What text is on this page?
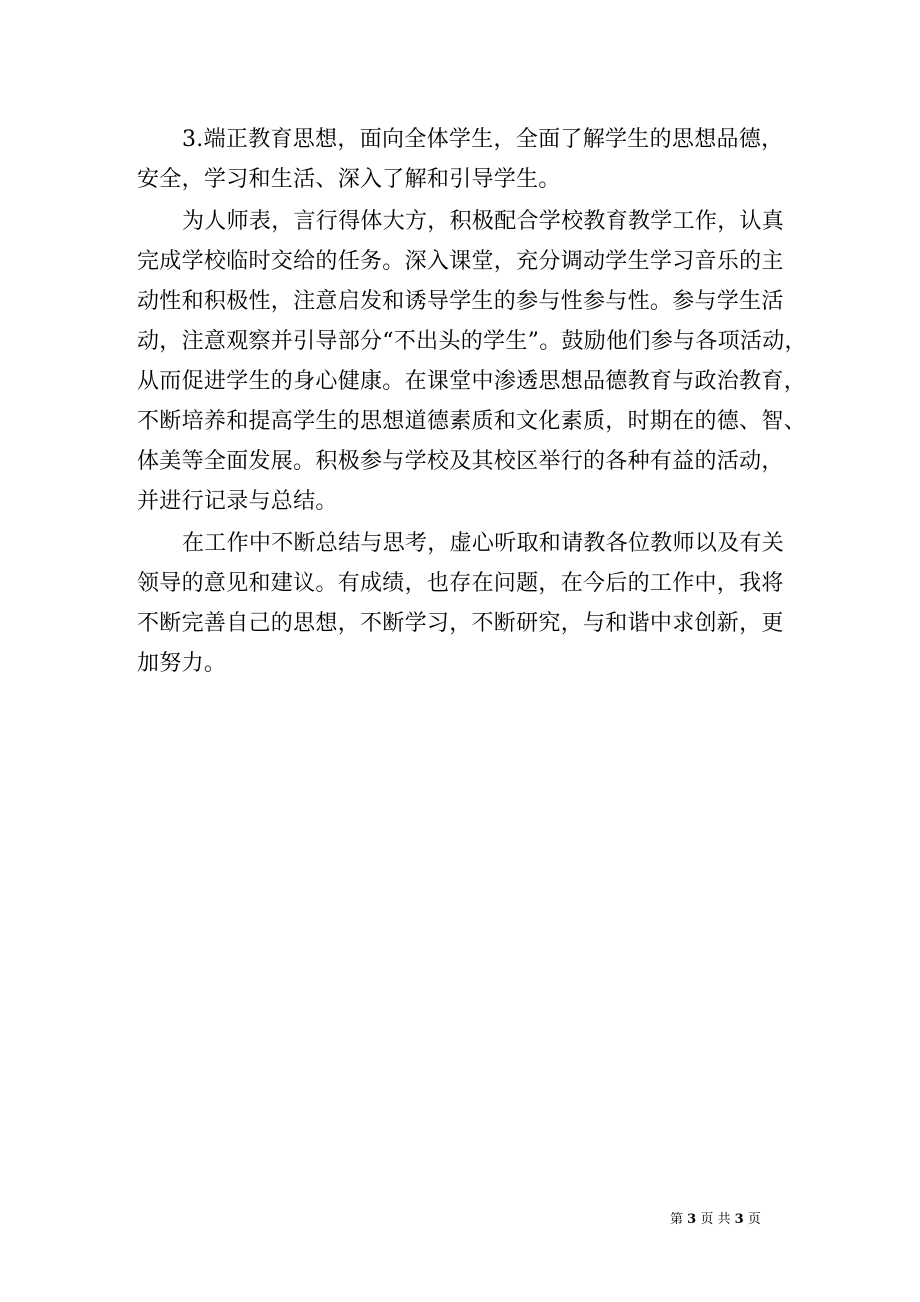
3.端正教育思想，面向全体学生，全面了解学生的思想品德，
安全，学习和生活、深入了解和引导学生。
为人师表，言行得体大方，积极配合学校教育教学工作，认真
完成学校临时交给的任务。深入课堂，充分调动学生学习音乐的主
动性和积极性，注意启发和诱导学生的参与性参与性。参与学生活
动，注意观察并引导部分“不出头的学生”。鼓励他们参与各项活动，
从而促进学生的身心健康。在课堂中渗透思想品德教育与政治教育，
不断培养和提高学生的思想道德素质和文化素质，时期在的德、智、
体美等全面发展。积极参与学校及其校区举行的各种有益的活动，
并进行记录与总结。
在工作中不断总结与思考，虚心听取和请教各位教师以及有关
领导的意见和建议。有成绩，也存在问题，在今后的工作中，我将
不断完善自己的思想，不断学习，不断研究，与和谐中求创新，更
加努力。
第 3 页 共 3 页
